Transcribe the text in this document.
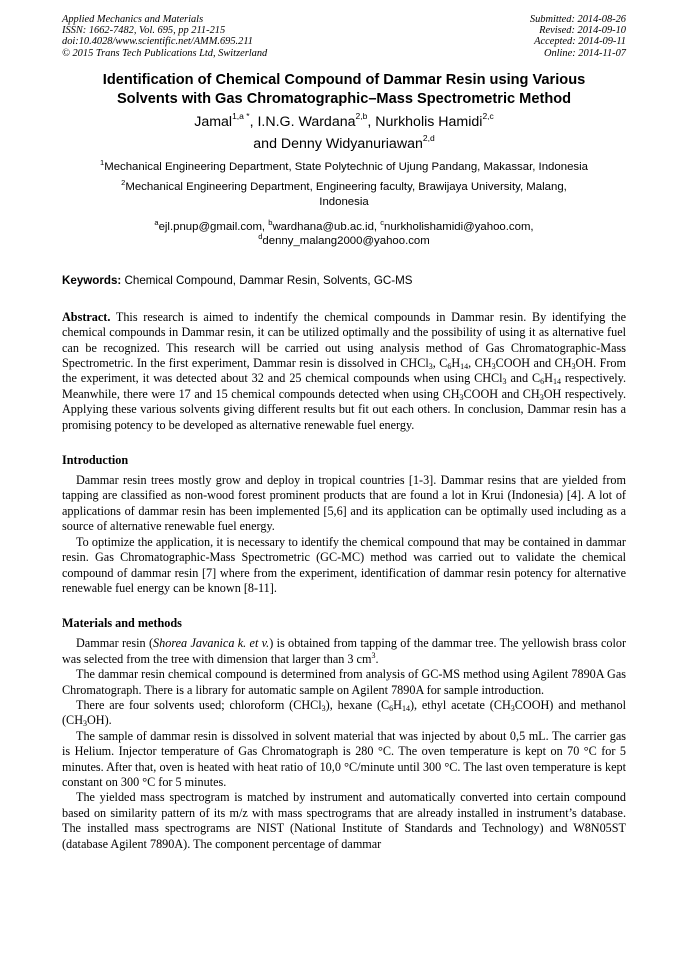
Applied Mechanics and Materials
ISSN: 1662-7482, Vol. 695, pp 211-215
doi:10.4028/www.scientific.net/AMM.695.211
© 2015 Trans Tech Publications Ltd, Switzerland
Submitted: 2014-08-26
Revised: 2014-09-10
Accepted: 2014-09-11
Online: 2014-11-07
Identification of Chemical Compound of Dammar Resin using Various
Solvents with Gas Chromatographic–Mass Spectrometric Method
Jamal$^{1,a *}$, I.N.G. Wardana$^{2,b}$, Nurkholis Hamidi$^{2,c}$
and Denny Widyanuriawan$^{2,d}$
$^1$Mechanical Engineering Department, State Polytechnic of Ujung Pandang, Makassar, Indonesia
$^2$Mechanical Engineering Department, Engineering faculty, Brawijaya University, Malang,
Indonesia
$^a$ejl.pnup@gmail.com, $^b$wardhana@ub.ac.id, $^c$nurkholishamidi@yahoo.com,
$^d$denny_malang2000@yahoo.com
Keywords: Chemical Compound, Dammar Resin, Solvents, GC-MS
Abstract. This research is aimed to indentify the chemical compounds in Dammar resin. By identifying the chemical compounds in Dammar resin, it can be utilized optimally and the possibility of using it as alternative fuel can be recognized. This research will be carried out using analysis method of Gas Chromatographic-Mass Spectrometric. In the first experiment, Dammar resin is dissolved in CHCl$_3$, $C_6H_{14}$, $CH_3COOH$ and $CH_3OH$. From the experiment, it was detected about 32 and 25 chemical compounds when using CHCl$_3$ and $C_6H_{14}$ respectively. Meanwhile, there were 17 and 15 chemical compounds detected when using $CH_3COOH$ and $CH_3OH$ respectively. Applying these various solvents giving different results but fit out each others. In conclusion, Dammar resin has a promising potency to be developed as alternative renewable fuel energy.
Introduction
Dammar resin trees mostly grow and deploy in tropical countries [1-3]. Dammar resins that are yielded from tapping are classified as non-wood forest prominent products that are found a lot in Krui (Indonesia) [4]. A lot of applications of dammar resin has been implemented [5,6] and its application can be optimally used including as a source of alternative renewable fuel energy.
To optimize the application, it is necessary to identify the chemical compound that may be contained in dammar resin. Gas Chromatographic-Mass Spectrometric (GC-MC) method was carried out to validate the chemical compound of dammar resin [7] where from the experiment, identification of dammar resin potency for alternative renewable fuel energy can be known [8-11].
Materials and methods
Dammar resin (Shorea Javanica k. et v.) is obtained from tapping of the dammar tree. The yellowish brass color was selected from the tree with dimension that larger than 3 $cm^3$.
The dammar resin chemical compound is determined from analysis of GC-MS method using Agilent 7890A Gas Chromatograph. There is a library for automatic sample on Agilent 7890A for sample introduction.
There are four solvents used; chloroform (CHCl$_3$), hexane $(C_6H_{14})$, ethyl acetate $(CH_3COOH)$ and methanol $(CH_3OH)$.
The sample of dammar resin is dissolved in solvent material that was injected by about 0,5 mL. The carrier gas is Helium. Injector temperature of Gas Chromatograph is 280 °C. The oven temperature is kept on 70 °C for 5 minutes. After that, oven is heated with heat ratio of 10,0 °C/minute until 300 °C. The last oven temperature is kept constant on 300 °C for 5 minutes.
The yielded mass spectrogram is matched by instrument and automatically converted into certain compound based on similarity pattern of its m/z with mass spectrograms that are already installed in instrument’s database. The installed mass spectrograms are NIST (National Institute of Standards and Technology) and W8N05ST (database Agilent 7890A). The component percentage of dammar
